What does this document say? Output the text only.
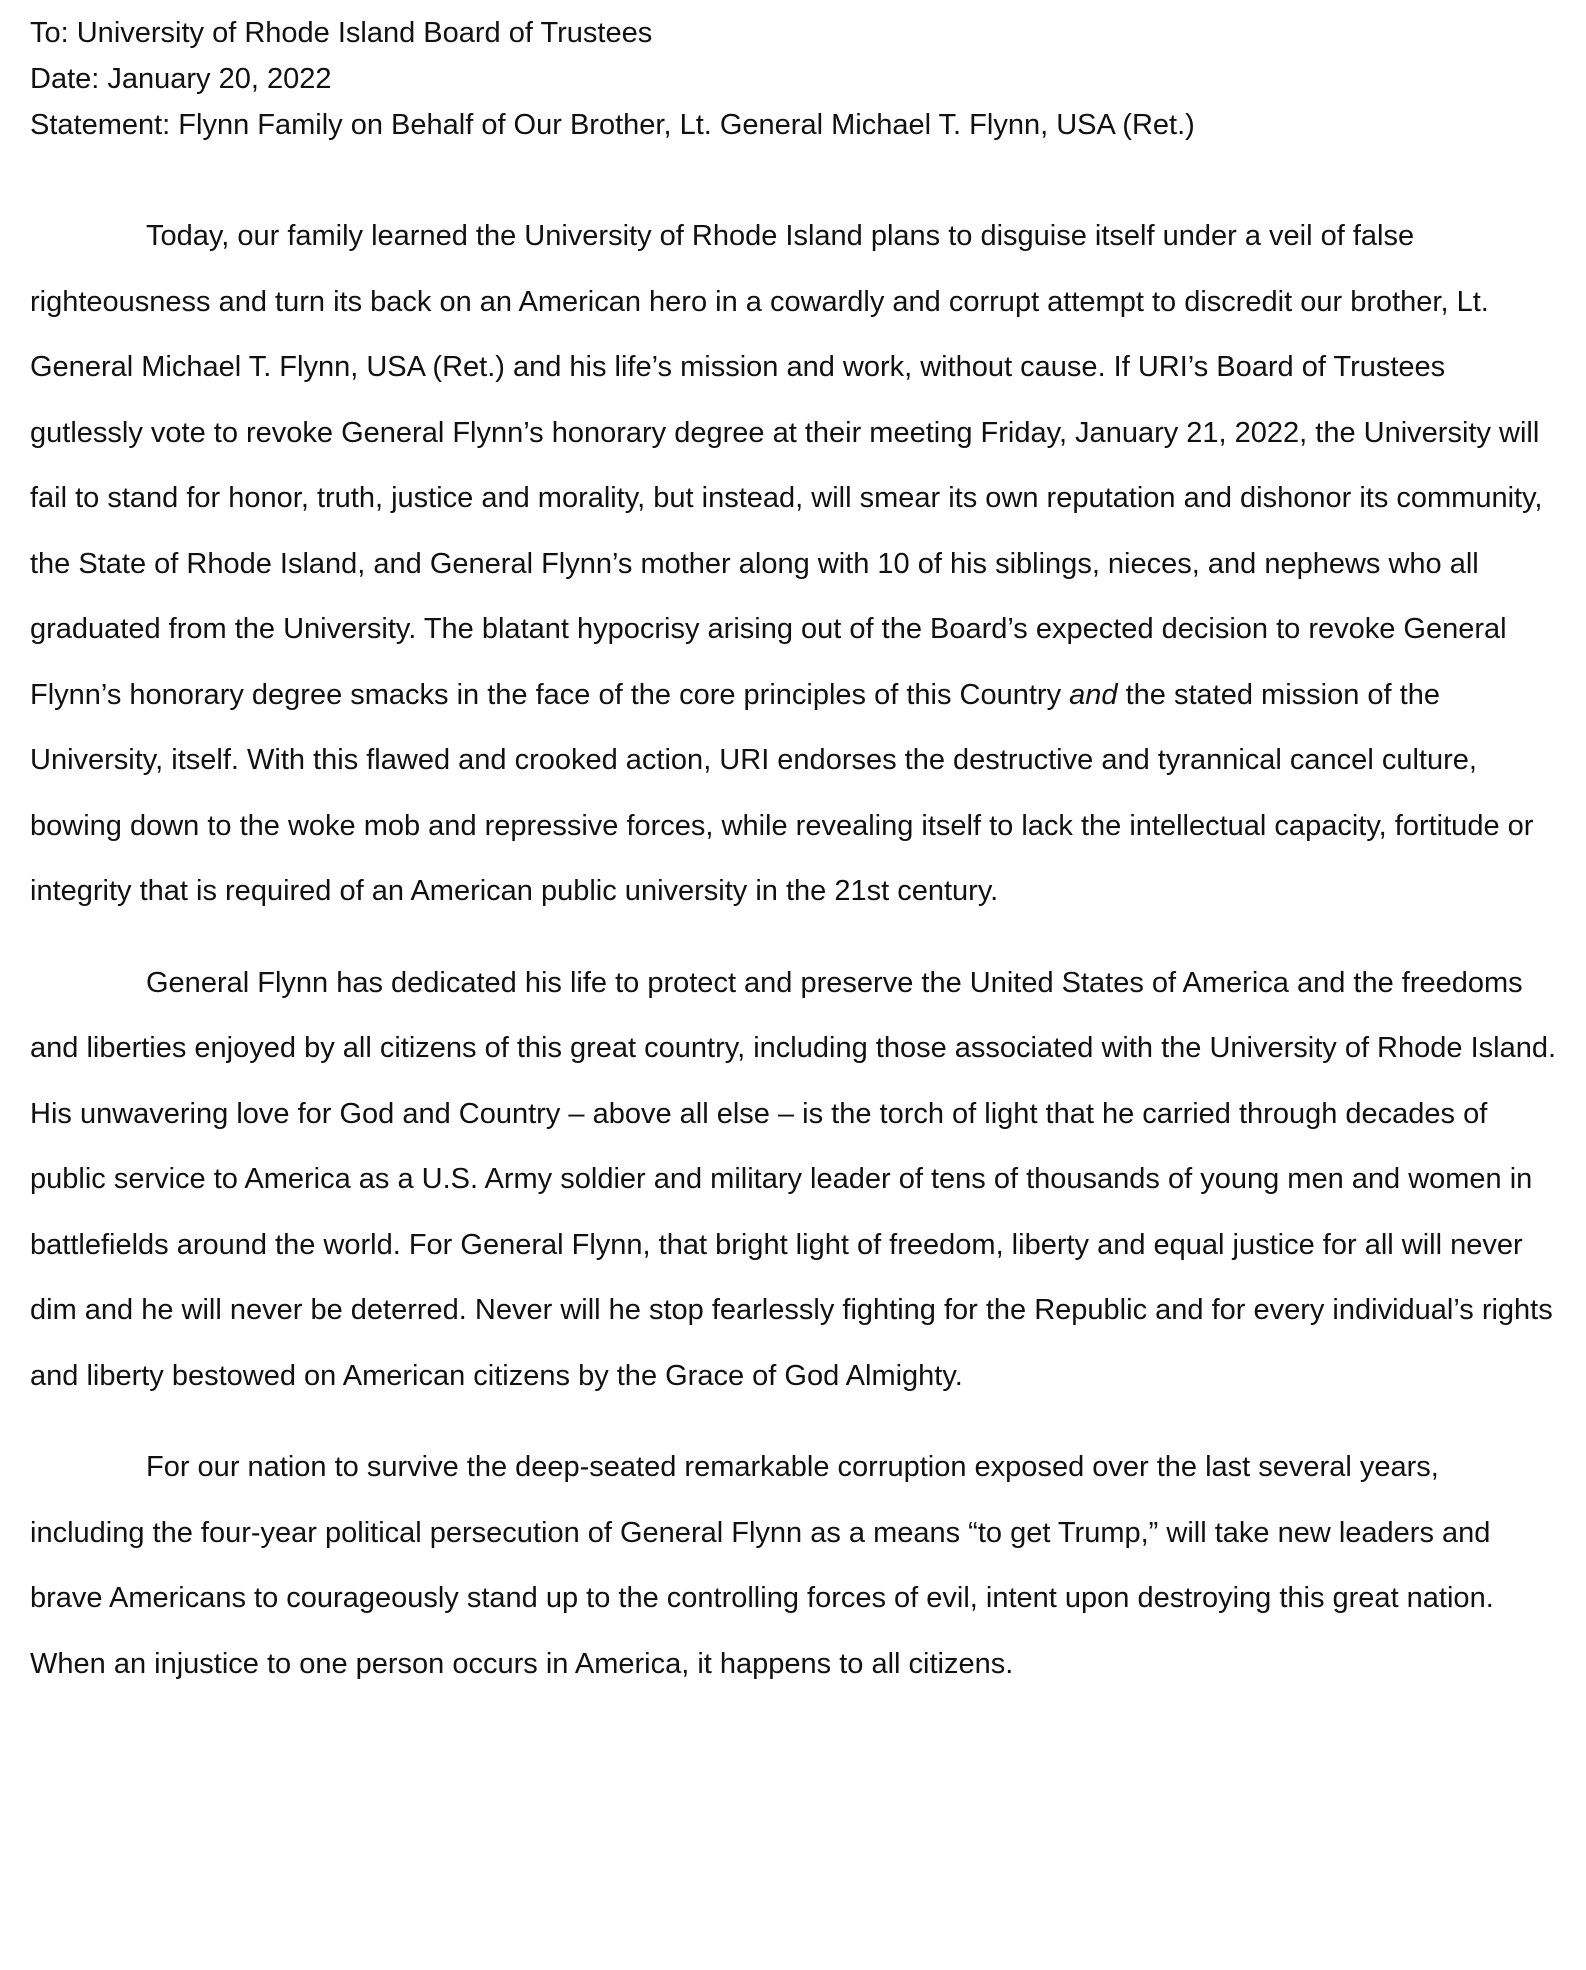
To: University of Rhode Island Board of Trustees

Date: January 20, 2022

Statement: Flynn Family on Behalf of Our Brother, Lt. General Michael T. Flynn, USA (Ret.)

Today, our family learned the University of Rhode Island plans to disguise itself under a veil of false righteousness and turn its back on an American hero in a cowardly and corrupt attempt to discredit our brother, Lt. General Michael T. Flynn, USA (Ret.) and his life’s mission and work, without cause. If URI’s Board of Trustees gutlessly vote to revoke General Flynn’s honorary degree at their meeting Friday, January 21, 2022, the University will fail to stand for honor, truth, justice and morality, but instead, will smear its own reputation and dishonor its community, the State of Rhode Island, and General Flynn’s mother along with 10 of his siblings, nieces, and nephews who all graduated from the University. The blatant hypocrisy arising out of the Board’s expected decision to revoke General Flynn’s honorary degree smacks in the face of the core principles of this Country and the stated mission of the University, itself. With this flawed and crooked action, URI endorses the destructive and tyrannical cancel culture, bowing down to the woke mob and repressive forces, while revealing itself to lack the intellectual capacity, fortitude or integrity that is required of an American public university in the 21st century.

General Flynn has dedicated his life to protect and preserve the United States of America and the freedoms and liberties enjoyed by all citizens of this great country, including those associated with the University of Rhode Island. His unwavering love for God and Country – above all else – is the torch of light that he carried through decades of public service to America as a U.S. Army soldier and military leader of tens of thousands of young men and women in battlefields around the world. For General Flynn, that bright light of freedom, liberty and equal justice for all will never dim and he will never be deterred. Never will he stop fearlessly fighting for the Republic and for every individual’s rights and liberty bestowed on American citizens by the Grace of God Almighty.

For our nation to survive the deep-seated remarkable corruption exposed over the last several years, including the four-year political persecution of General Flynn as a means “to get Trump,” will take new leaders and brave Americans to courageously stand up to the controlling forces of evil, intent upon destroying this great nation. When an injustice to one person occurs in America, it happens to all citizens.
